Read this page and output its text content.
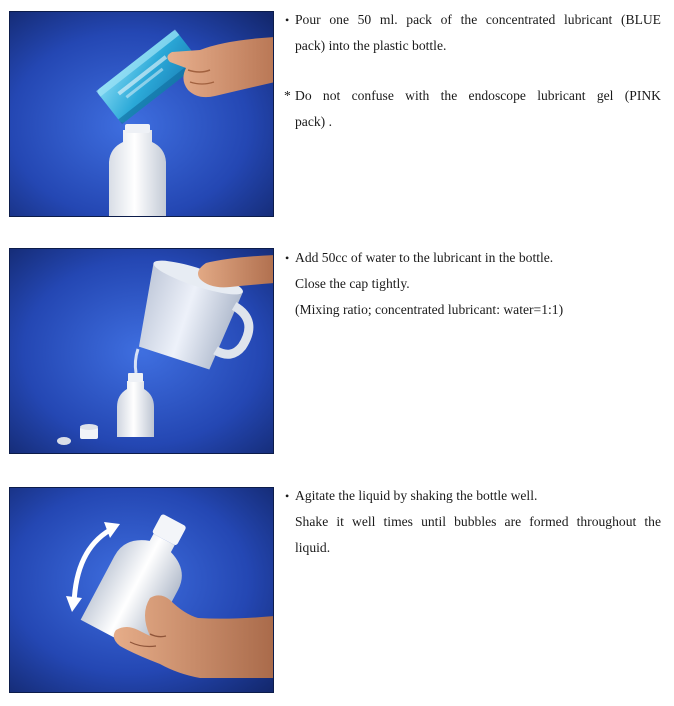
• Pour one 50 ml. pack of the concentrated lubricant (BLUE
pack) into the plastic bottle.
* Do not confuse with the endoscope lubricant gel (PINK
pack) .
• Add 50cc of water to the lubricant in the bottle.
Close the cap tightly.
(Mixing ratio; concentrated lubricant: water=1:1)
• Agitate the liquid by shaking the bottle well.
Shake it well times until bubbles are formed throughout the
liquid.
